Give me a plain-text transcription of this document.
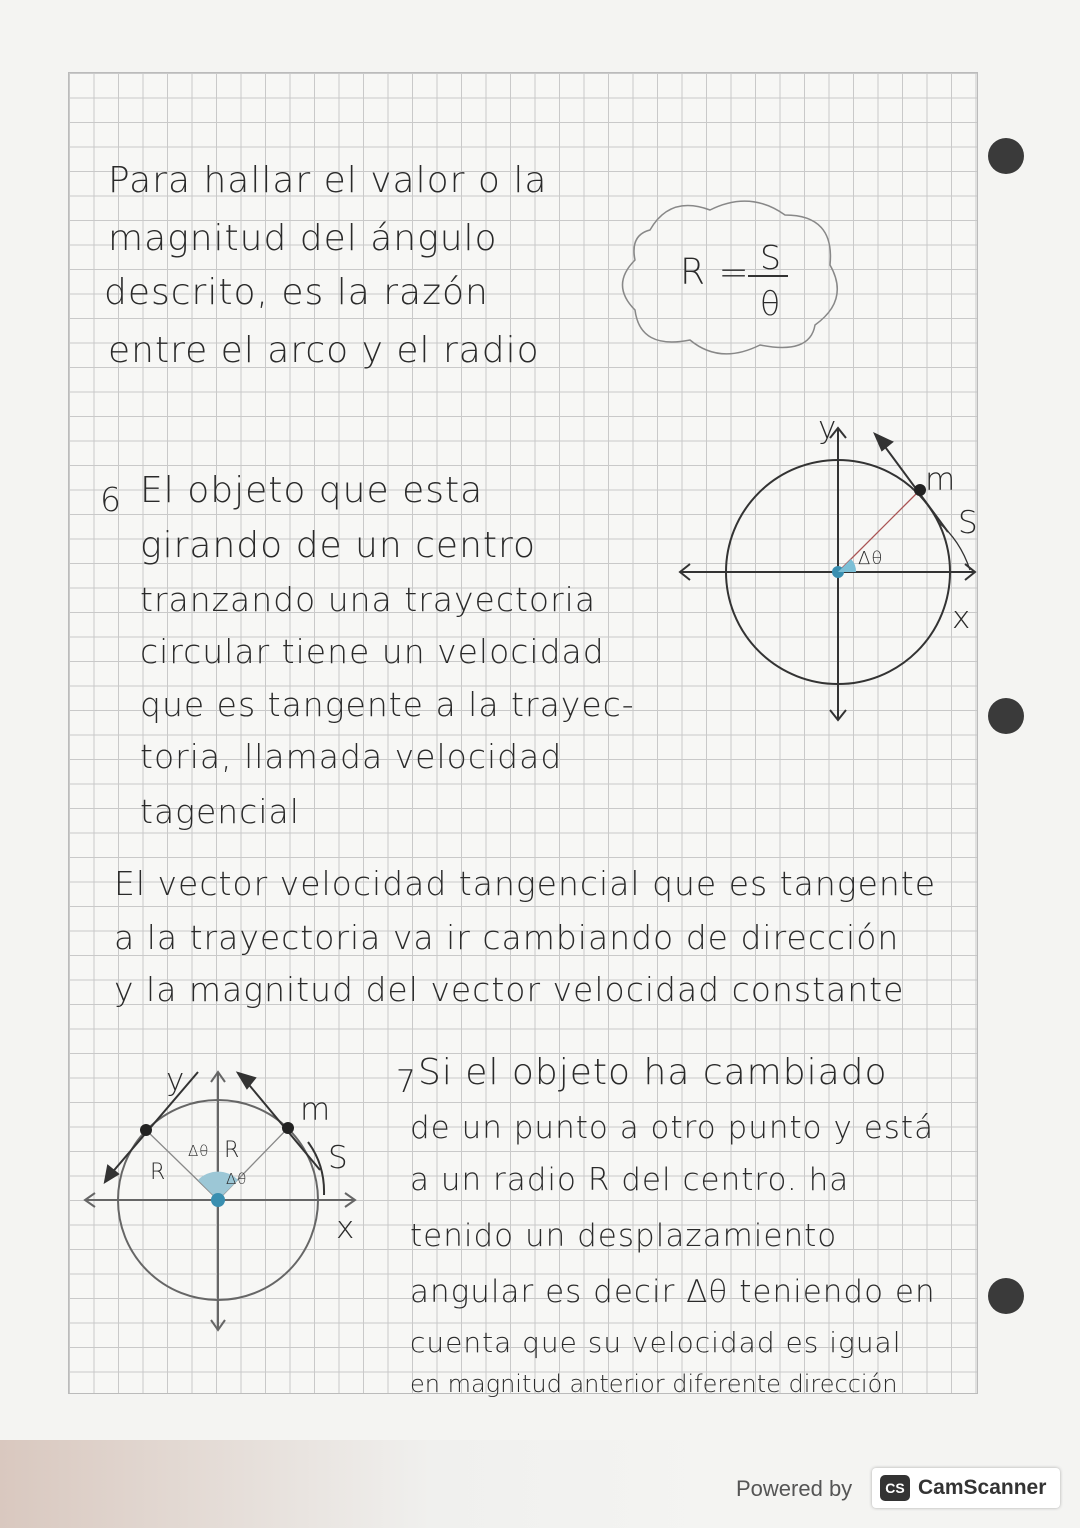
Para hallar el valor o la
magnitud del ángulo
descrito, es la razón
entre el arco y el radio
R = S
θ
6 El objeto que esta
girando de un centro
tranzando una trayectoria
circular tiene un velocidad
que es tangente a la trayec-
toria, llamada velocidad
tagencial
y
x
m
S
Δθ
El vector velocidad tangencial que es tangente
a la trayectoria va ir cambiando de dirección
y la magnitud del vector velocidad constante
y
x
m
S
R
R
Δθ
Δθ
7 Si el objeto ha cambiado
de un punto a otro punto y está
a un radio R del centro. ha
tenido un desplazamiento
angular es decir Δθ teniendo en
cuenta que su velocidad es igual
en magnitud anterior diferente dirección
Powered by	CS CamScanner
